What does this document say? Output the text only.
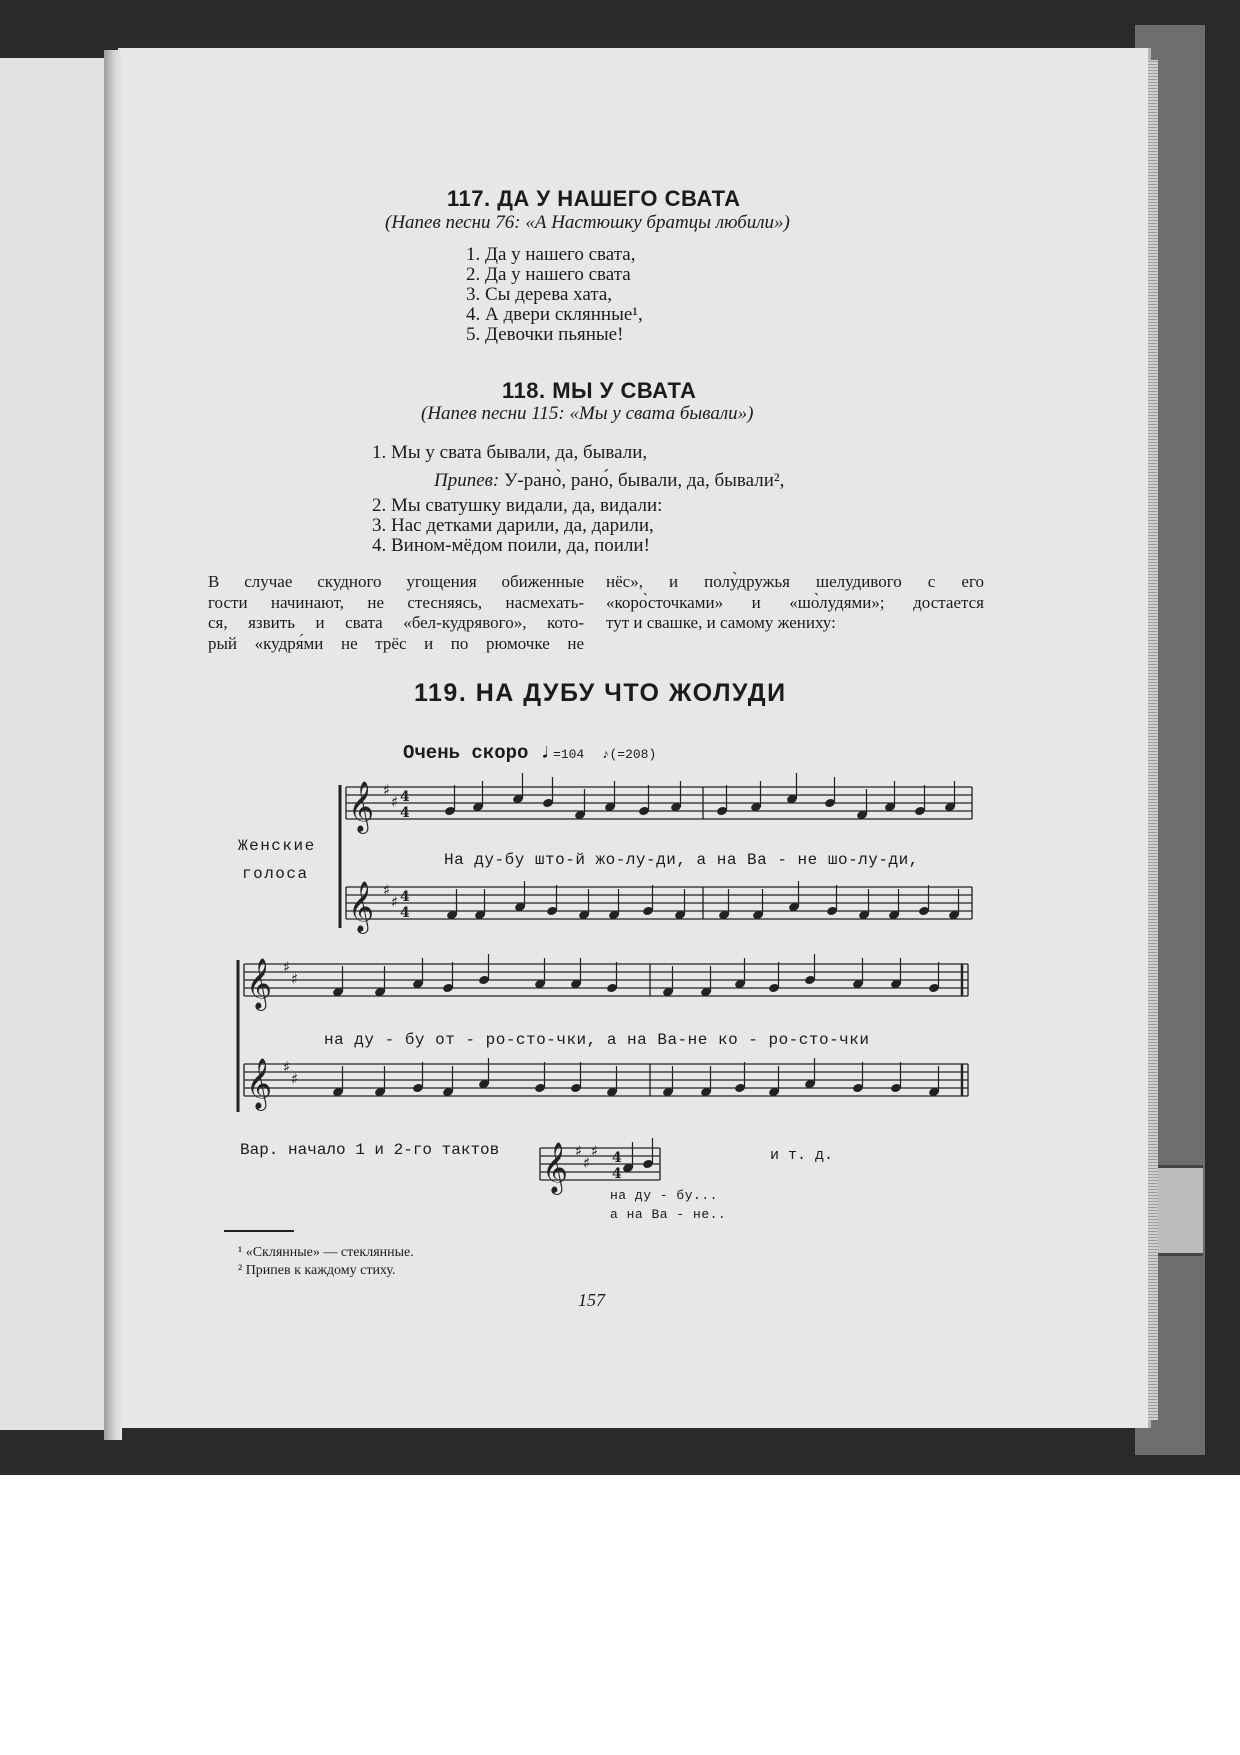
117. ДА У НАШЕГО СВАТА
(Напев песни 76: «А Настюшку братцы любили»)
1. Да у нашего свата,
2. Да у нашего свата
3. Сы дерева хата,
4. А двери склянные¹,
5. Девочки пьяные!
118. МЫ У СВАТА
(Напев песни 115: «Мы у свата бывали»)
1. Мы у свата бывали, да, бывали,
Припев: У-рано̀, рано́, бывали, да, бывали²,
2. Мы сватушку видали, да, видали:
3. Нас детками дарили, да, дарили,
4. Вином-мёдом поили, да, поили!
В случае скудного угощения обиженные
гости начинают, не стесняясь, насмехать-
ся, язвить и свата «бел-кудрявого», кото-
рый «кудря́ми не трёс и по рюмочке не
нёс», и полу̀дружья шелудивого с его
«коро̀сточками» и «шо̀лудями»; достается
тут и свашке, и самому жениху:
119. НА ДУБУ ЧТО ЖОЛУДИ
Очень скоро ♩=104 ♪(=208)
Женские
голоса
𝄞 ♯
♯ 4
4
𝄞 ♯
♯ 4
4
𝄞 ♯
♯
𝄞 ♯
♯
𝄞 ♯
♯
♯ 4
4
На ду-бу што-й жо-лу-ди, а на Ва - не шо-лу-ди,
на ду - бу от - ро-сто-чки, а на Ва-не ко - ро-сто-чки
Вар. начало 1 и 2-го тактов	и т. д.
на ду - бу...
а на Ва - не..
¹ «Склянные» — стеклянные.
² Припев к каждому стиху.
157
